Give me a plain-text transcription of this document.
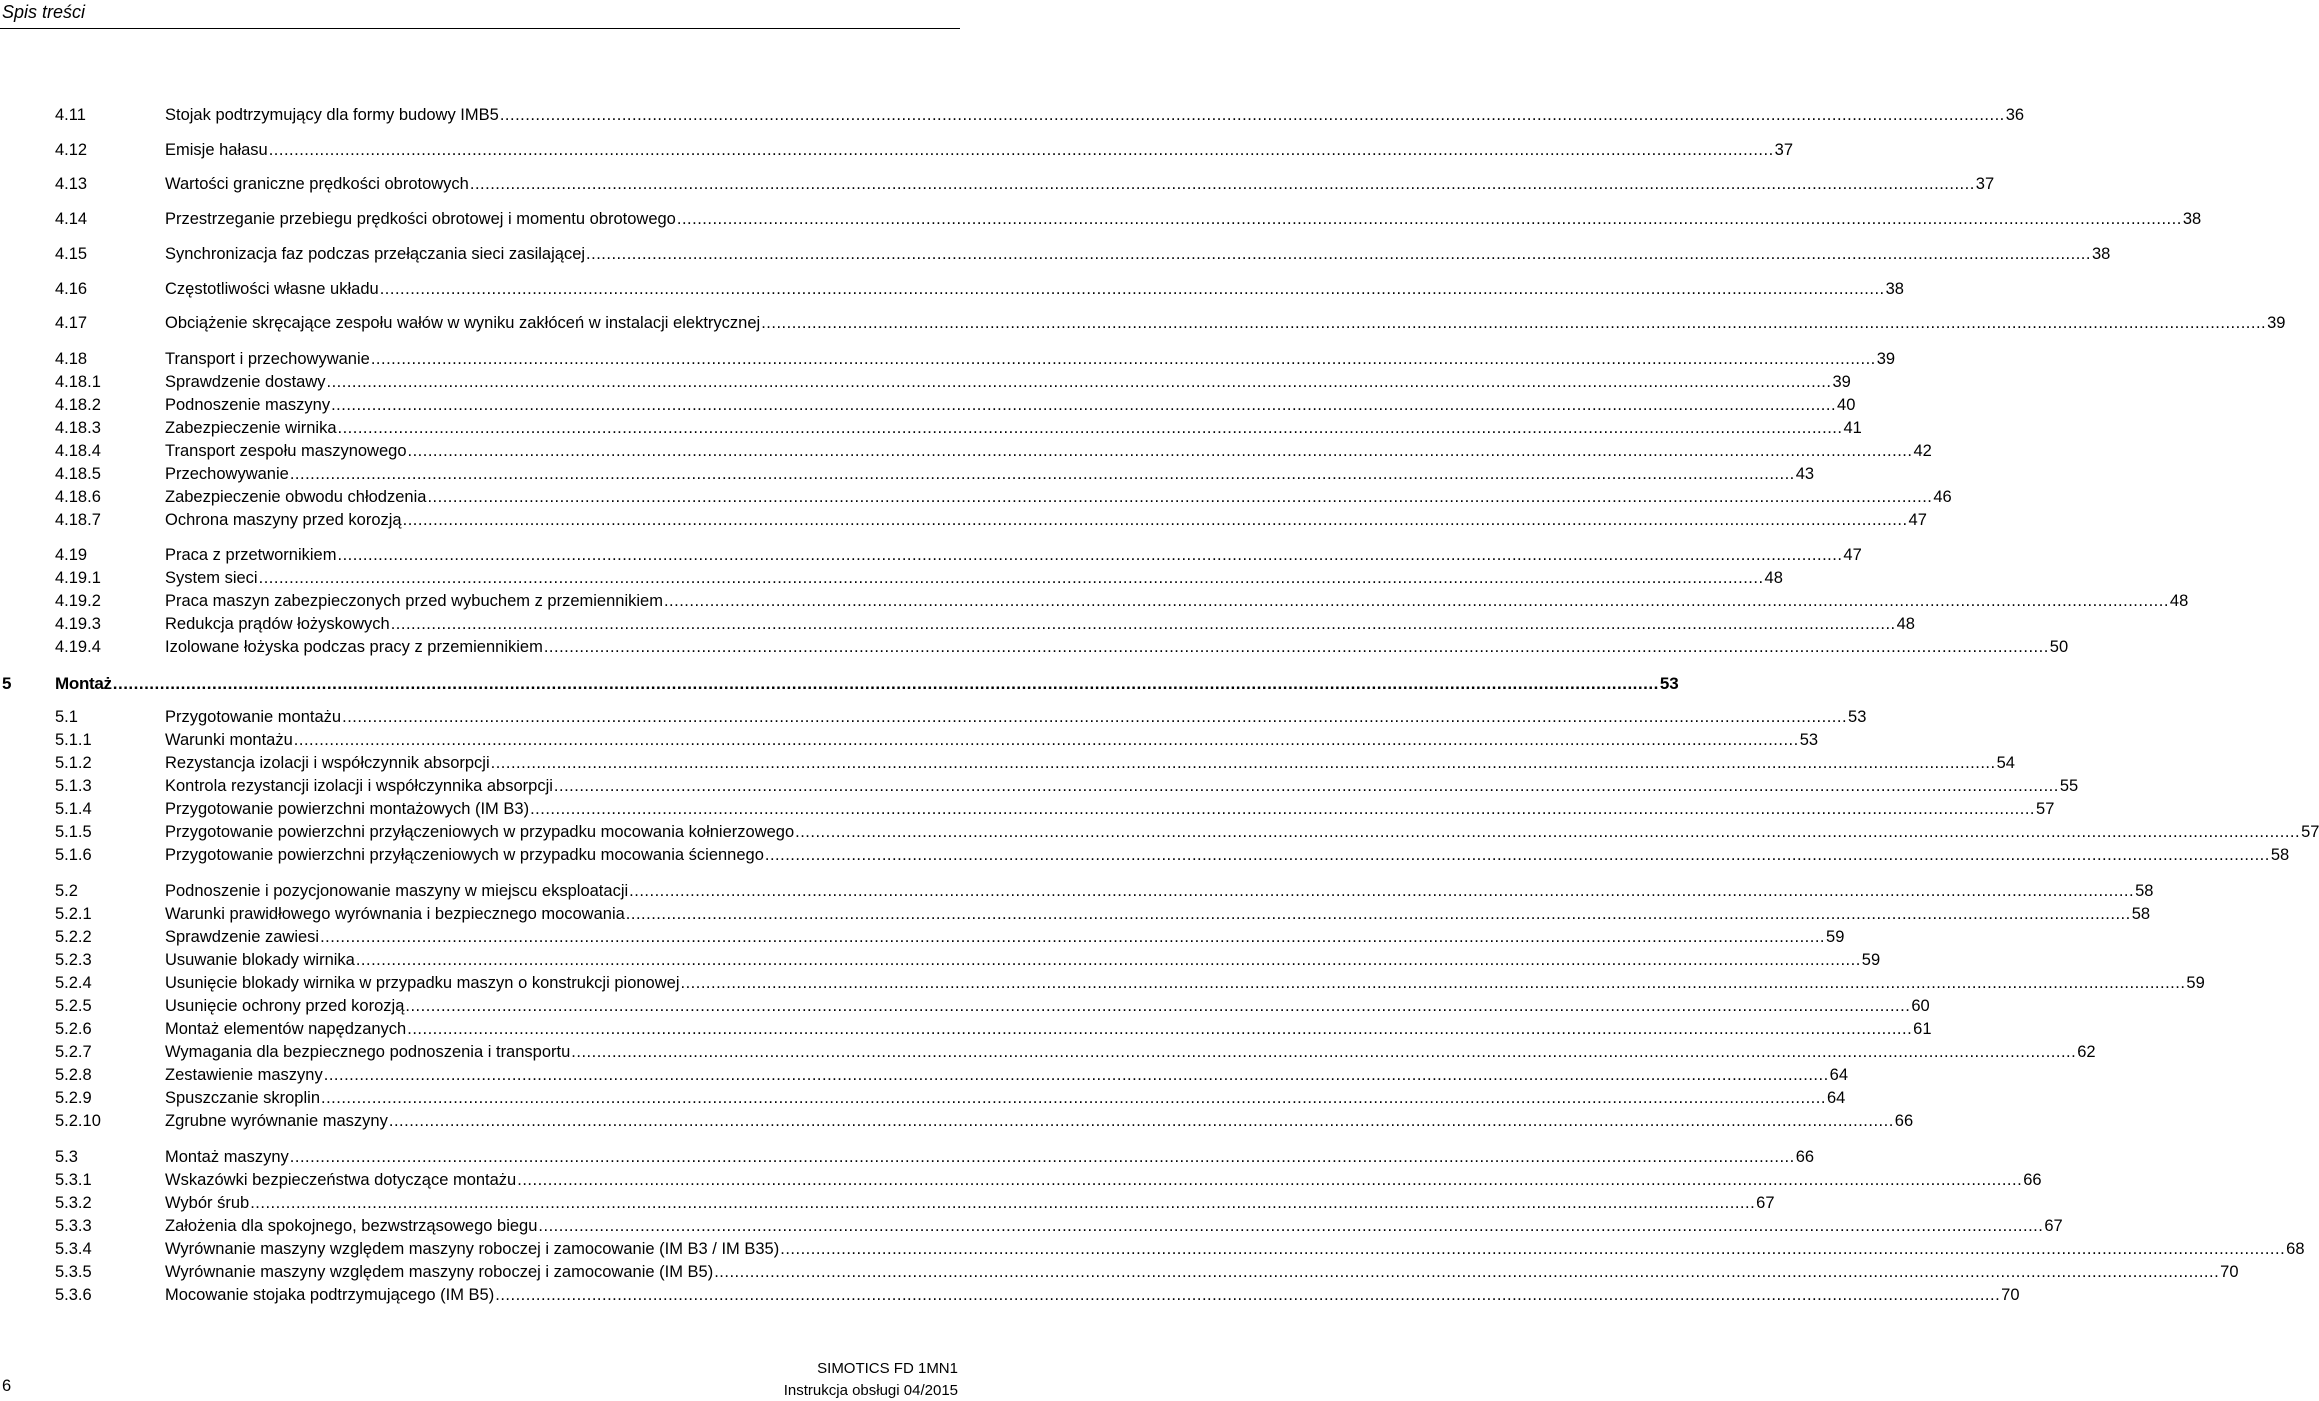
Spis treści
4.11	Stojak podtrzymujący dla formy budowy IMB5 .....	36
4.12	Emisje hałasu .....	37
4.13	Wartości graniczne prędkości obrotowych .....	37
4.14	Przestrzeganie przebiegu prędkości obrotowej i momentu obrotowego .....	38
4.15	Synchronizacja faz podczas przełączania sieci zasilającej .....	38
4.16	Częstotliwości własne układu .....	38
4.17	Obciążenie skręcające zespołu wałów w wyniku zakłóceń w instalacji elektrycznej .....	39
4.18	Transport i przechowywanie .....	39
4.18.1	Sprawdzenie dostawy .....	39
4.18.2	Podnoszenie maszyny .....	40
4.18.3	Zabezpieczenie wirnika .....	41
4.18.4	Transport zespołu maszynowego .....	42
4.18.5	Przechowywanie .....	43
4.18.6	Zabezpieczenie obwodu chłodzenia .....	46
4.18.7	Ochrona maszyny przed korozją .....	47
4.19	Praca z przetwornikiem .....	47
4.19.1	System sieci .....	48
4.19.2	Praca maszyn zabezpieczonych przed wybuchem z przemiennikiem .....	48
4.19.3	Redukcja prądów łożyskowych .....	48
4.19.4	Izolowane łożyska podczas pracy z przemiennikiem .....	50
5	Montaż .....	53
5.1	Przygotowanie montażu .....	53
5.1.1	Warunki montażu .....	53
5.1.2	Rezystancja izolacji i współczynnik absorpcji .....	54
5.1.3	Kontrola rezystancji izolacji i współczynnika absorpcji .....	55
5.1.4	Przygotowanie powierzchni montażowych (IM B3) .....	57
5.1.5	Przygotowanie powierzchni przyłączeniowych w przypadku mocowania kołnierzowego .....	57
5.1.6	Przygotowanie powierzchni przyłączeniowych w przypadku mocowania ściennego .....	58
5.2	Podnoszenie i pozycjonowanie maszyny w miejscu eksploatacji .....	58
5.2.1	Warunki prawidłowego wyrównania i bezpiecznego mocowania .....	58
5.2.2	Sprawdzenie zawiesi .....	59
5.2.3	Usuwanie blokady wirnika .....	59
5.2.4	Usunięcie blokady wirnika w przypadku maszyn o konstrukcji pionowej .....	59
5.2.5	Usunięcie ochrony przed korozją .....	60
5.2.6	Montaż elementów napędzanych .....	61
5.2.7	Wymagania dla bezpiecznego podnoszenia i transportu .....	62
5.2.8	Zestawienie maszyny .....	64
5.2.9	Spuszczanie skroplin .....	64
5.2.10	Zgrubne wyrównanie maszyny .....	66
5.3	Montaż maszyny .....	66
5.3.1	Wskazówki bezpieczeństwa dotyczące montażu .....	66
5.3.2	Wybór śrub .....	67
5.3.3	Założenia dla spokojnego, bezwstrząsowego biegu .....	67
5.3.4	Wyrównanie maszyny względem maszyny roboczej i zamocowanie (IM B3 / IM B35) .....	68
5.3.5	Wyrównanie maszyny względem maszyny roboczej i zamocowanie (IM B5) .....	70
5.3.6	Mocowanie stojaka podtrzymującego (IM B5) .....	70
6
SIMOTICS FD 1MN1
Instrukcja obsługi 04/2015
